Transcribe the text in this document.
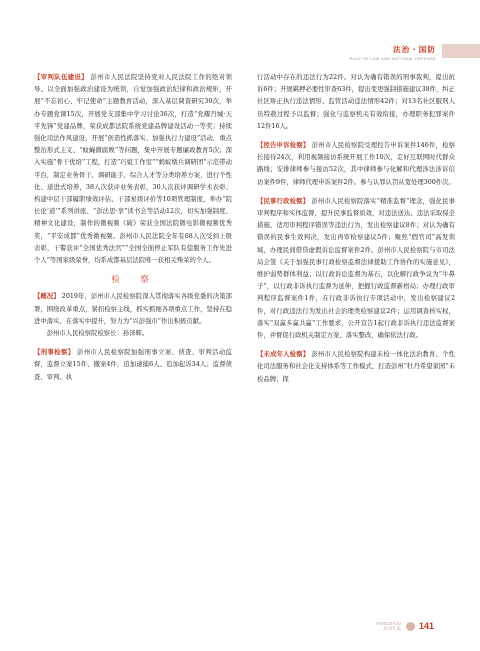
法治・国防
RULE OF LAW AND NATIONAL DEFENSE

【审判队伍建设】 彭州市人民法院坚持党对人民法院工作的绝对领导。以全面加强政治建设为统领，自觉加强政治纪律和政治规矩，开展“不忘初心、牢记使命”主题教育活动，深入基层调查研究30次，举办专题党课15次，开展党支部集中学习讨论36次，打造“党耀丹城·天平先锋”党建品牌，荣获成都法院系统党建品牌建设活动一等奖；持续强化司法作风建设，开展“创造性抓落实、加强执行力建设”活动，重点整治形式主义、“蚊蝇微腐败”等问题，集中开展专题廉政教育5次；深入实施“骨干优培”工程，打造“巧姐工作室”“蚂蚁墩兵调研团”示范带动平台，制定业务骨干、调研能手、综合人才等分类培养方案，进行个性化、递进式培养，38人次获评业务表彰，30人次获评调研学术表彰；构建中层干部履职绩效评估、干部星级评价等10项管理制度，举办“院长论‘道’”系列讲座、“彭法思·享”读书会等活动12次，切实加强制度、精神文化建设，制作的微视频《破》荣获全国法院微电影微视频优秀奖，“平安成都”优秀微视频。彭州市人民法院全年有68人次受到上级表彰，干警获评“全国优秀法官”“全国全面停止军队有偿服务工作先进个人”等国家级荣誉，均系成都基层法院唯一获相关殊荣的个人。

检　察

【概况】 2019年，彭州市人民检察院深入贯彻落实各级党委的决策部署，围绕改革重点，紧扣检察主线，抓实抓细各项重点工作，坚持在稳进中落实、在落实中提升，努力为“兴彭强市”作出积极贡献。

彭州市人民检察院检察长：孙泽辉。

【刑事检察】 彭州市人民检察院加强刑事立案、侦查、审判活动监督，监督立案15件、撤案4件，追加逮捕6人、追加起诉34人；监督侦查、审判、执

行活动中存在的违法行为22件。对认为确有错误的刑事裁判，提出抗诉6件；开展羁押必要性审查63件，提出变更强制措施建议38件，纠正社区矫正执行违法情形、监管活动违法情形42件；对13名社区服刑人员特赦过程予以监督；强化与监察机关有效衔接，办理职务犯罪案件12件16人。

【控告申诉检察】 彭州市人民检察院受理控告申诉案件146件，检察长接待24次，利用视频接访系统开展工作10次，走好互联网时代群众路线；安排律师参与接访52次，其中律师参与化解和代理涉法涉诉信访案件9件，律师代理申诉案件2件。参与认罪认罚从宽处理300件次。

【民事行政检察】 彭州市人民检察院落实“精准监督”理念，强化民事审判程序和实体监督，提升民事监督质效，对违法送达、违法采取保全措施、适用审判程序错误等违法行为，发出检察建议8件；对认为确有错误的民事生效判决，发出再审检察建议5件；聚焦“假官司”高发领域，办理民间借贷虚假诉讼监督案件2件。彭州市人民检察院与市司法局会签《关于加强民事行政检察监督法律援助工作协作的实施意见》，维护弱势群体利益；以行政诉讼监督为基石，以化解行政争议为“牛鼻子”，以行政非诉执行监督为延伸，把握行政监督新格局；办理行政审判程序监督案件1件，在行政非诉执行专项活动中，发出检察建议2件，对行政违法行为发出社会治理类检察建议2件；运用调查核实权，落实“双赢多赢共赢”工作要求，公开宣告1起行政非诉执行违法监督案件，并督促行政机关制定方案、落实整改，确保依法行政。

【未成年人检察】 彭州市人民检察院构建未检一体化法治教育、个性化司法服务和社会化支持体系等工作模式，打造彭州“牡丹希望家园”未检品牌；探

PENGZHOU
彭州年鉴 141
